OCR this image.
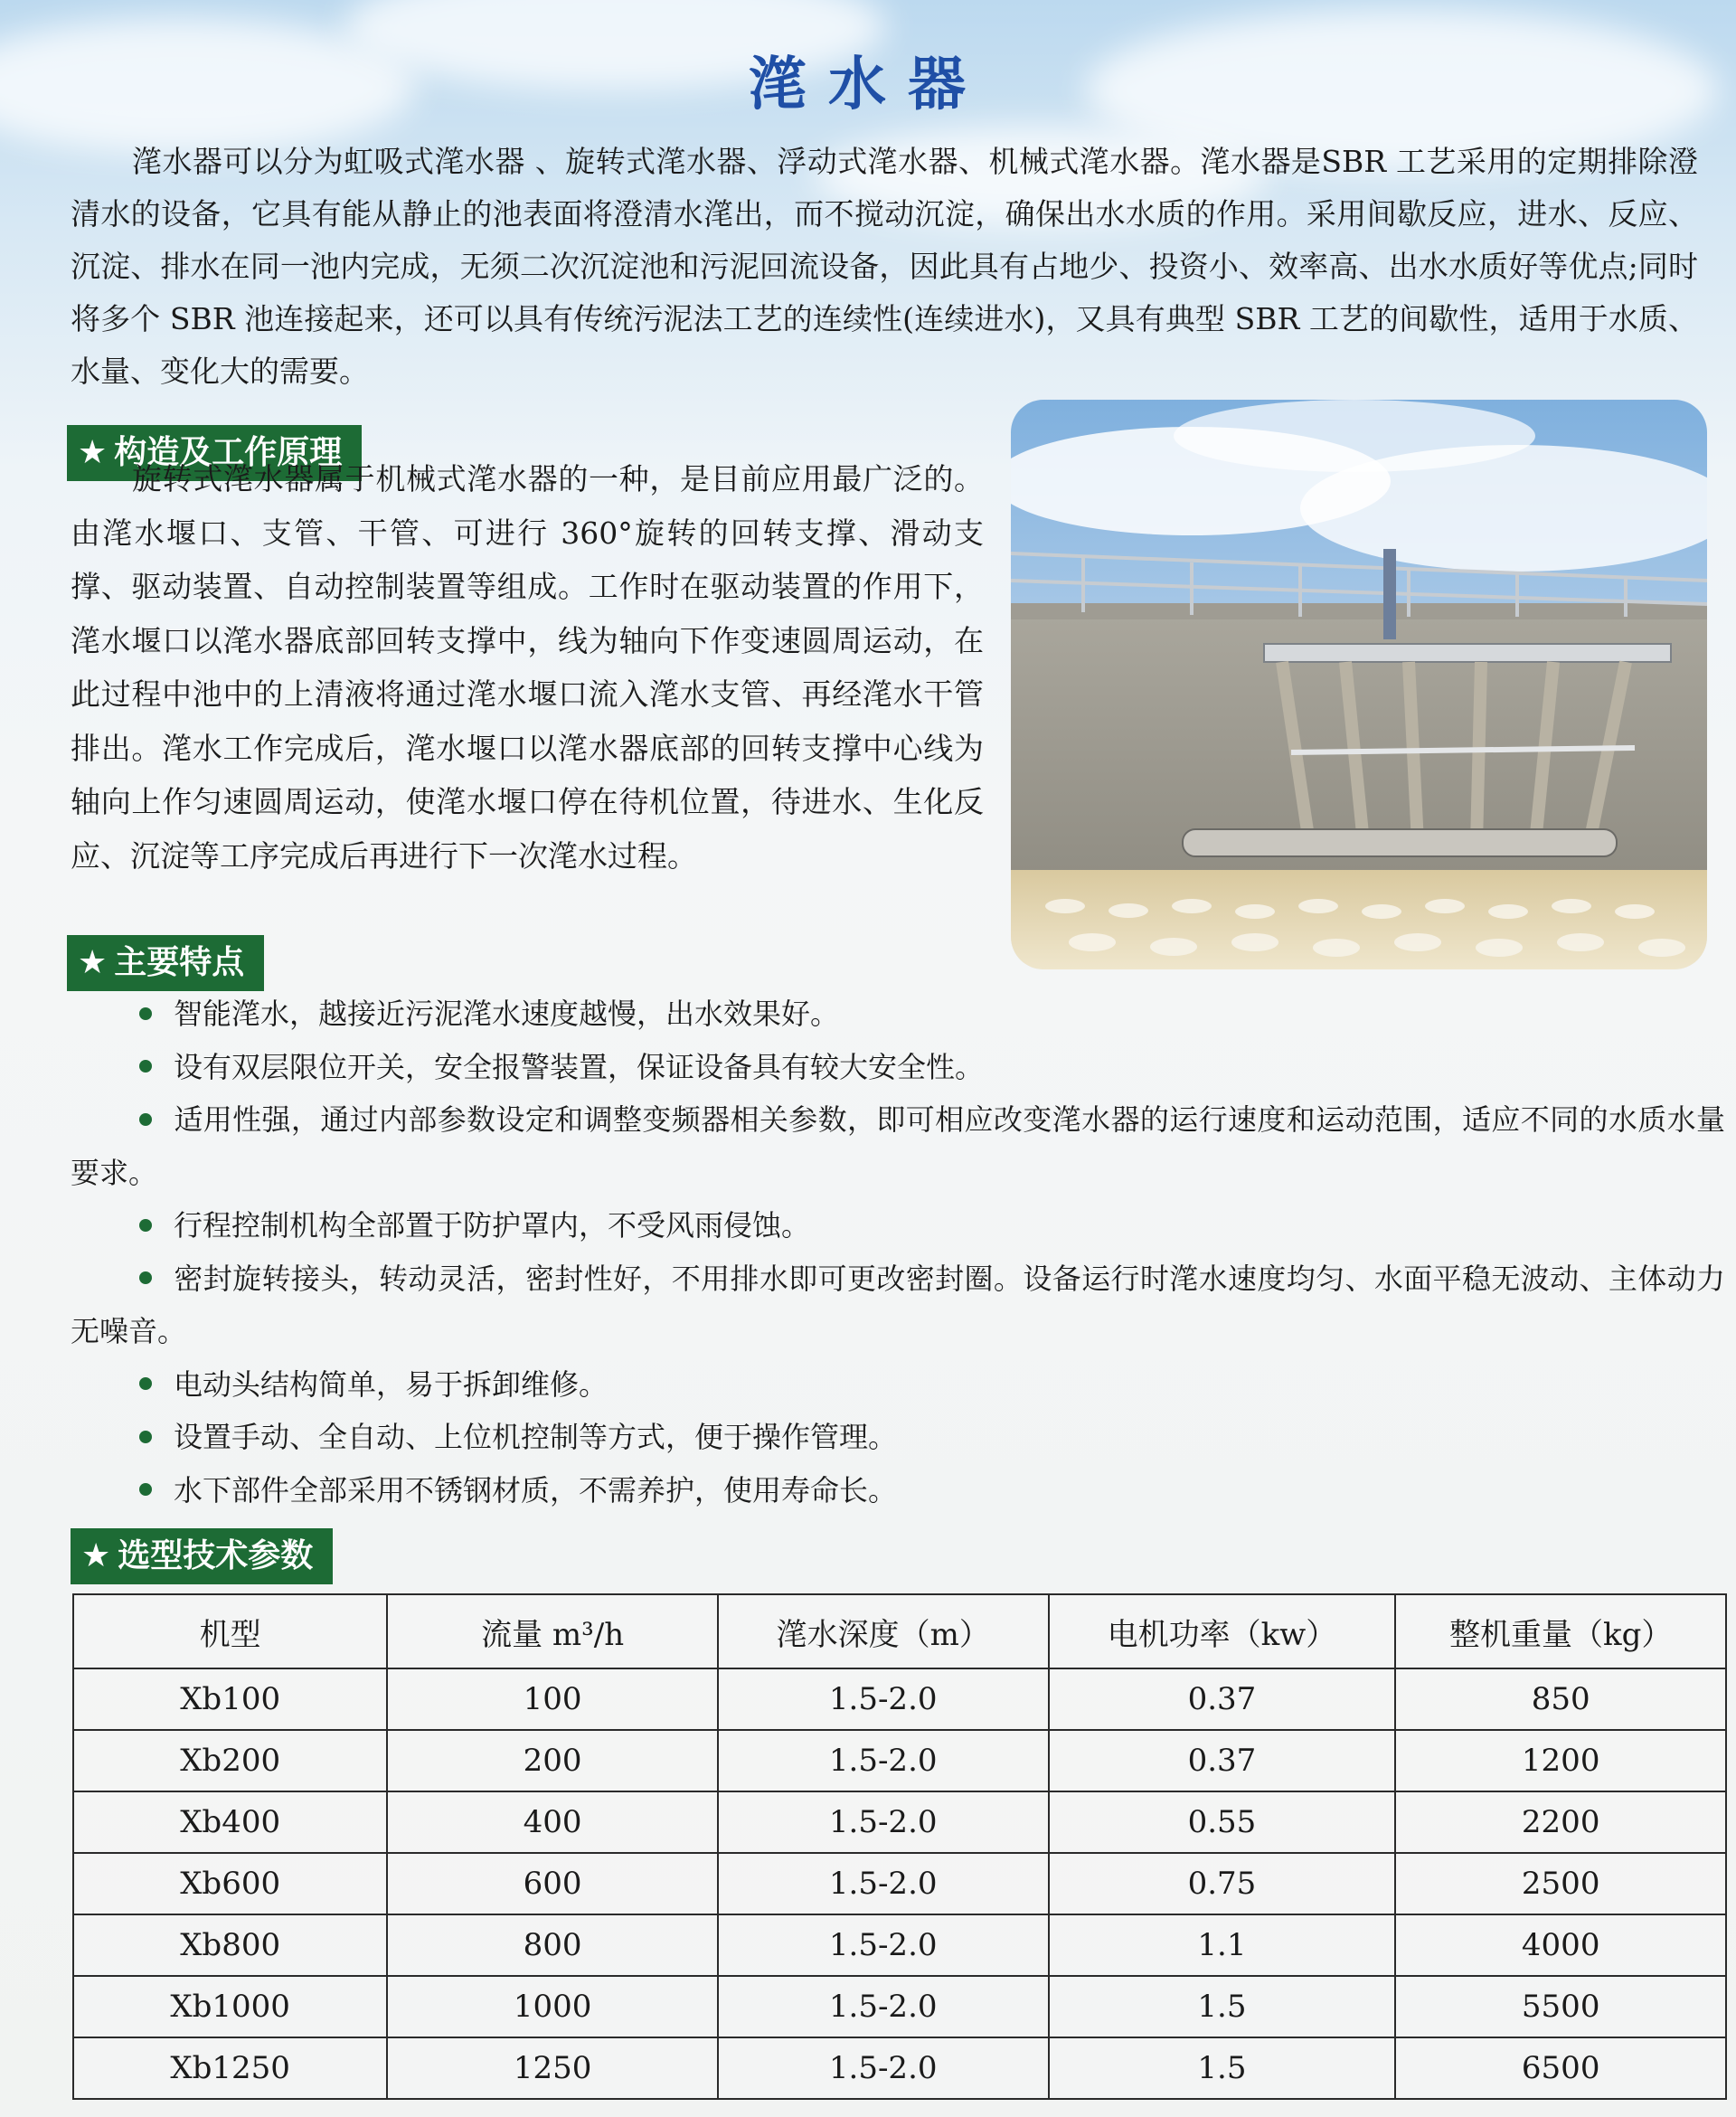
滗水器
滗水器可以分为虹吸式滗水器 、旋转式滗水器、浮动式滗水器、机械式滗水器。滗水器是SBR 工艺采用的定期排除澄清水的设备，它具有能从静止的池表面将澄清水滗出，而不搅动沉淀，确保出水水质的作用。采用间歇反应，进水、反应、沉淀、排水在同一池内完成，无须二次沉淀池和污泥回流设备，因此具有占地少、投资小、效率高、出水水质好等优点;同时将多个 SBR 池连接起来，还可以具有传统污泥法工艺的连续性(连续进水)，又具有典型 SBR 工艺的间歇性，适用于水质、水量、变化大的需要。
★ 构造及工作原理
旋转式滗水器属于机械式滗水器的一种，是目前应用最广泛的。由滗水堰口、支管、干管、可进行 360°旋转的回转支撑、滑动支撑、驱动装置、自动控制装置等组成。工作时在驱动装置的作用下，滗水堰口以滗水器底部回转支撑中，线为轴向下作变速圆周运动，在此过程中池中的上清液将通过滗水堰口流入滗水支管、再经滗水干管排出。滗水工作完成后，滗水堰口以滗水器底部的回转支撑中心线为轴向上作匀速圆周运动，使滗水堰口停在待机位置，待进水、生化反应、沉淀等工序完成后再进行下一次滗水过程。
★ 主要特点
智能滗水，越接近污泥滗水速度越慢，出水效果好。
设有双层限位开关，安全报警装置，保证设备具有较大安全性。
适用性强，通过内部参数设定和调整变频器相关参数，即可相应改变滗水器的运行速度和运动范围，适应不同的水质水量要求。
行程控制机构全部置于防护罩内，不受风雨侵蚀。
密封旋转接头，转动灵活，密封性好，不用排水即可更改密封圈。设备运行时滗水速度均匀、水面平稳无波动、主体动力无噪音。
电动头结构简单，易于拆卸维修。
设置手动、全自动、上位机控制等方式，便于操作管理。
水下部件全部采用不锈钢材质，不需养护，使用寿命长。
★ 选型技术参数
机型	流量 m³/h	滗水深度（m）	电机功率（kw）	整机重量（kg）
Xb100	100	1.5-2.0	0.37	850
Xb200	200	1.5-2.0	0.37	1200
Xb400	400	1.5-2.0	0.55	2200
Xb600	600	1.5-2.0	0.75	2500
Xb800	800	1.5-2.0	1.1	4000
Xb1000	1000	1.5-2.0	1.5	5500
Xb1250	1250	1.5-2.0	1.5	6500
